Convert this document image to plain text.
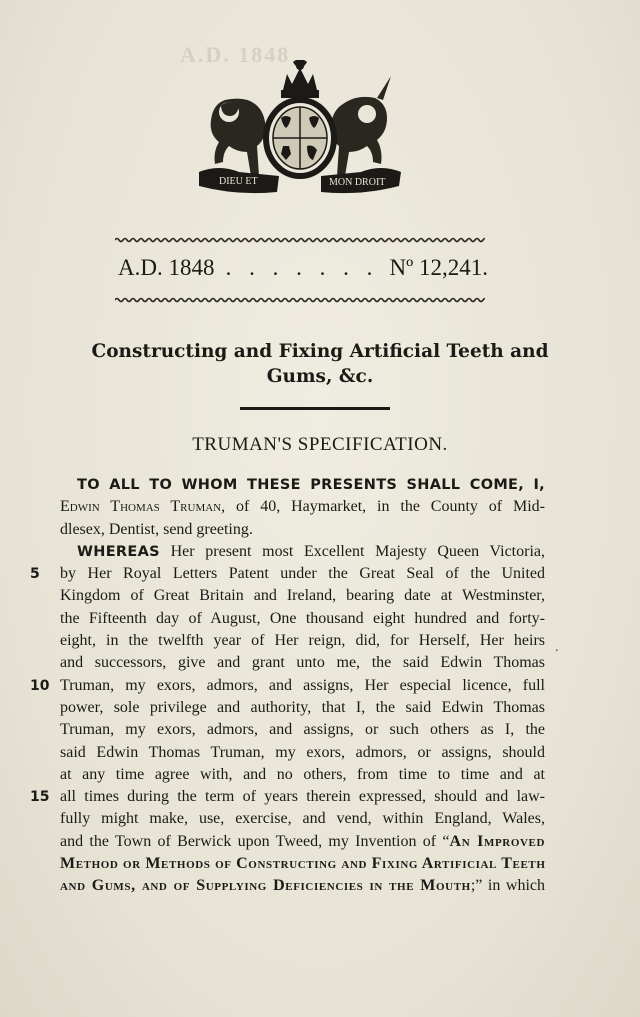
A.D. 1848
DIEU ET	MON DROIT
A.D. 1848 . . . . . . . Nº 12,241.
Constructing and Fixing Artificial Teeth and
Gums, &c.
TRUMAN'S SPECIFICATION.
TO ALL TO WHOM THESE PRESENTS SHALL COME, I,
Edwin Thomas Truman, of 40, Haymarket, in the County of Mid-
dlesex, Dentist, send greeting.
WHEREAS Her present most Excellent Majesty Queen Victoria,
5 by Her Royal Letters Patent under the Great Seal of the United
Kingdom of Great Britain and Ireland, bearing date at Westminster,
the Fifteenth day of August, One thousand eight hundred and forty-
eight, in the twelfth year of Her reign, did, for Herself, Her heirs
and successors, give and grant unto me, the said Edwin Thomas
10 Truman, my exors, admors, and assigns, Her especial licence, full
power, sole privilege and authority, that I, the said Edwin Thomas
Truman, my exors, admors, and assigns, or such others as I, the
said Edwin Thomas Truman, my exors, admors, or assigns, should
at any time agree with, and no others, from time to time and at
15 all times during the term of years therein expressed, should and law-
fully might make, use, exercise, and vend, within England, Wales,
and the Town of Berwick upon Tweed, my Invention of “An Improved
Method or Methods of Constructing and Fixing Artificial Teeth
and Gums, and of Supplying Deficiencies in the Mouth;” in which
.
